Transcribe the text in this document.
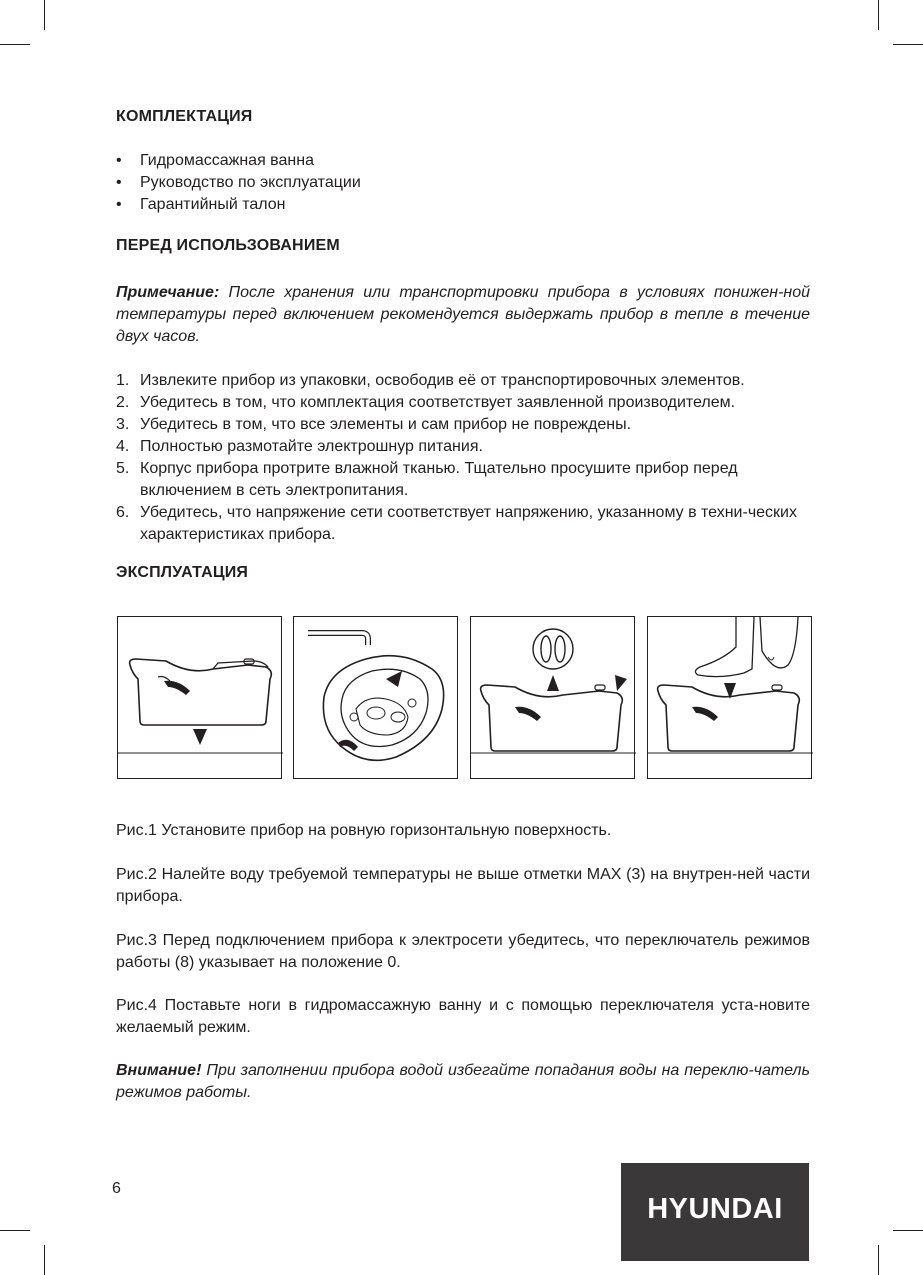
КОМПЛЕКТАЦИЯ
• Гидромассажная ванна
• Руководство по эксплуатации
• Гарантийный талон
ПЕРЕД ИСПОЛЬЗОВАНИЕМ

Примечание: После хранения или транспортировки прибора в условиях понижен-ной температуры перед включением рекомендуется выдержать прибор в тепле в течение двух часов.

1. Извлеките прибор из упаковки, освободив её от транспортировочных элементов.
2. Убедитесь в том, что комплектация соответствует заявленной производителем.
3. Убедитесь в том, что все элементы и сам прибор не повреждены.
4. Полностью размотайте электрошнур питания.
5. Корпус прибора протрите влажной тканью. Тщательно просушите прибор перед включением в сеть электропитания.
6. Убедитесь, что напряжение сети соответствует напряжению, указанному в техни-ческих характеристиках прибора.
ЭКСПЛУАТАЦИЯ

Рис.1 Установите прибор на ровную горизонтальную поверхность.

Рис.2 Налейте воду требуемой температуры не выше отметки MAX (3) на внутрен-ней части прибора.

Рис.3 Перед подключением прибора к электросети убедитесь, что переключатель режимов работы (8) указывает на положение 0.

Рис.4 Поставьте ноги в гидромассажную ванну и с помощью переключателя уста-новите желаемый режим.

Внимание! При заполнении прибора водой избегайте попадания воды на переклю-чатель режимов работы.

6

HYUNDAI
